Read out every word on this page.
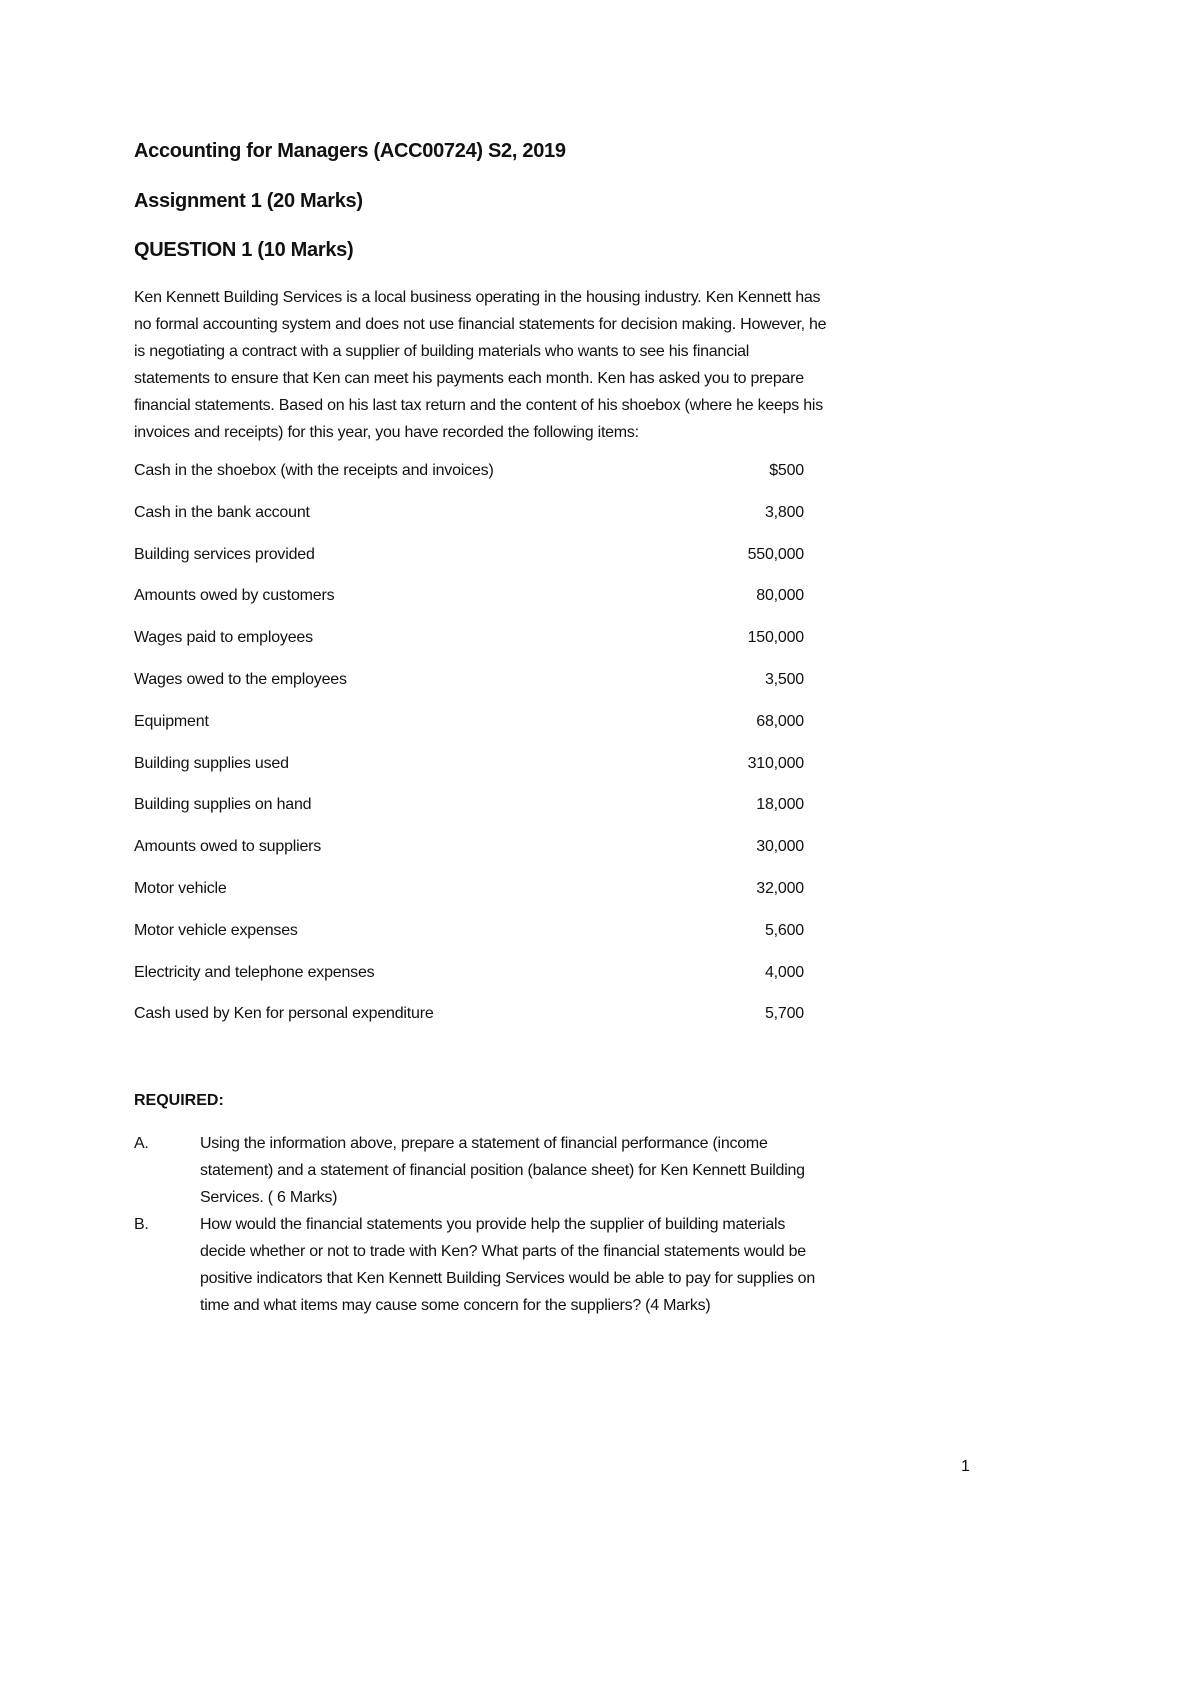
Accounting for Managers (ACC00724) S2, 2019
Assignment 1 (20 Marks)
QUESTION 1 (10 Marks)
Ken Kennett Building Services is a local business operating in the housing industry. Ken Kennett has
no formal accounting system and does not use financial statements for decision making. However, he
is negotiating a contract with a supplier of building materials who wants to see his financial
statements to ensure that Ken can meet his payments each month. Ken has asked you to prepare
financial statements. Based on his last tax return and the content of his shoebox (where he keeps his
invoices and receipts) for this year, you have recorded the following items:
Cash in the shoebox (with the receipts and invoices)	$500
Cash in the bank account	3,800
Building services provided	550,000
Amounts owed by customers	80,000
Wages paid to employees	150,000
Wages owed to the employees	3,500
Equipment	68,000
Building supplies used	310,000
Building supplies on hand	18,000
Amounts owed to suppliers	30,000
Motor vehicle	32,000
Motor vehicle expenses	5,600
Electricity and telephone expenses	4,000
Cash used by Ken for personal expenditure	5,700
REQUIRED:
A.	Using the information above, prepare a statement of financial performance (income
statement) and a statement of financial position (balance sheet) for Ken Kennett Building
Services. ( 6 Marks)
B.	How would the financial statements you provide help the supplier of building materials
decide whether or not to trade with Ken? What parts of the financial statements would be
positive indicators that Ken Kennett Building Services would be able to pay for supplies on
time and what items may cause some concern for the suppliers? (4 Marks)
1
